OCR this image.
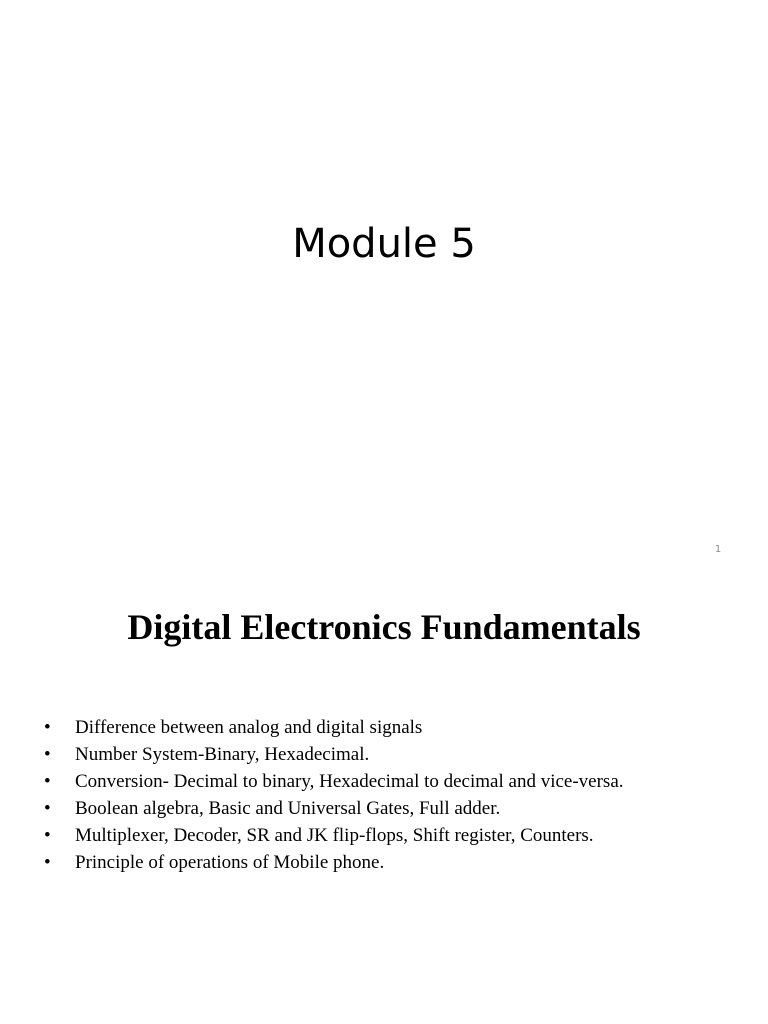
Module 5
1
Digital Electronics Fundamentals
•	Difference between analog and digital signals
•	Number System-Binary, Hexadecimal.
•	Conversion- Decimal to binary, Hexadecimal to decimal and vice-versa.
•	Boolean algebra, Basic and Universal Gates, Full adder.
•	Multiplexer, Decoder, SR and JK flip-flops, Shift register, Counters.
•	Principle of operations of Mobile phone.
